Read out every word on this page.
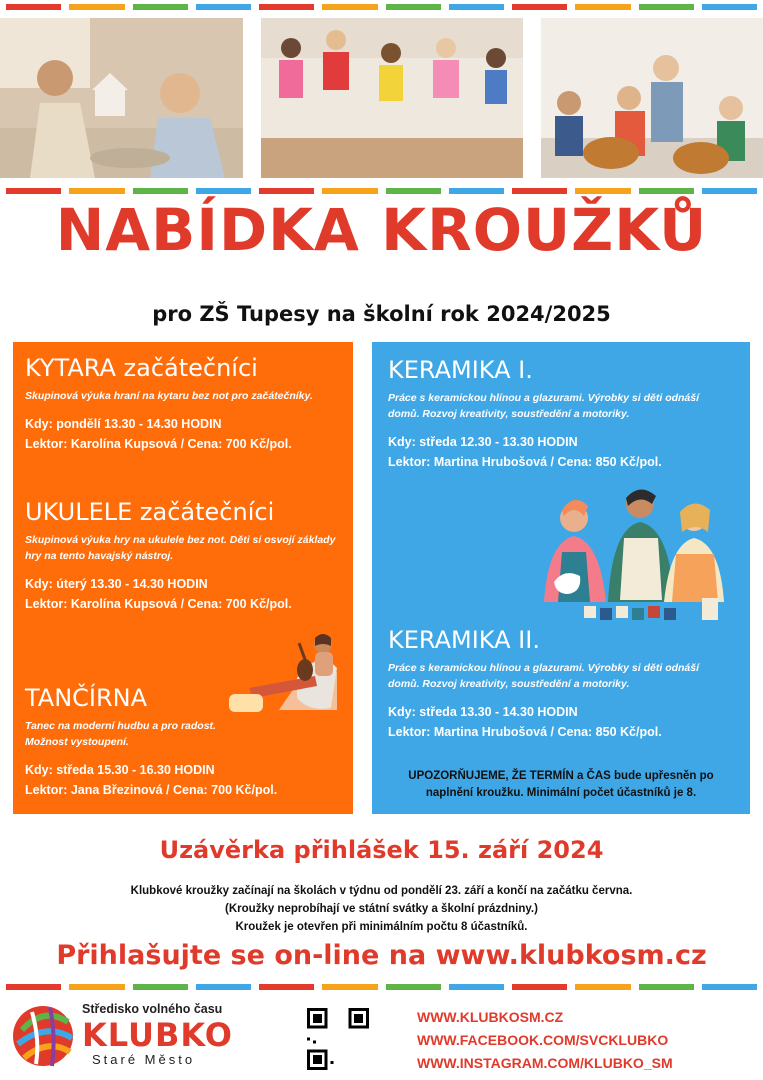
NABÍDKA KROUŽKŮ
pro ZŠ Tupesy na školní rok 2024/2025
KYTARA začátečníci
Skupinová výuka hraní na kytaru bez not pro začátečníky.
Kdy: pondělí 13.30 - 14.30 HODIN
Lektor: Karolína Kupsová / Cena: 700 Kč/pol.
UKULELE začátečníci
Skupinová výuka hry na ukulele bez not. Děti si osvojí základy hry na tento havajský nástroj.
Kdy: úterý 13.30 - 14.30 HODIN
Lektor: Karolína Kupsová / Cena: 700 Kč/pol.
TANČÍRNA
Tanec na moderní hudbu a pro radost. Možnost vystoupení.
Kdy: středa 15.30 - 16.30 HODIN
Lektor: Jana Březinová / Cena: 700 Kč/pol.
KERAMIKA I.
Práce s keramickou hlínou a glazurami. Výrobky si děti odnáší domů. Rozvoj kreativity, soustředění a motoriky.
Kdy: středa 12.30 - 13.30 HODIN
Lektor: Martina Hrubošová / Cena: 850 Kč/pol.
KERAMIKA II.
Práce s keramickou hlínou a glazurami. Výrobky si děti odnáší domů. Rozvoj kreativity, soustředění a motoriky.
Kdy: středa 13.30 - 14.30 HODIN
Lektor: Martina Hrubošová / Cena: 850 Kč/pol.
UPOZORŇUJEME, ŽE TERMÍN a ČAS bude upřesněn po
naplnění kroužku. Minimální počet účastníků je 8.
Uzávěrka přihlášek 15. září 2024
Klubkové kroužky začínají na školách v týdnu od pondělí 23. září a končí na začátku června.
(Kroužky neprobíhají ve státní svátky a školní prázdniny.)
Kroužek je otevřen při minimálním počtu 8 účastníků.
Přihlašujte se on-line na www.klubkosm.cz
Středisko volného času
KLUBKO
Staré Město
WWW.KLUBKOSM.CZ
WWW.FACEBOOK.COM/SVCKLUBKO
WWW.INSTAGRAM.COM/KLUBKO_SM
